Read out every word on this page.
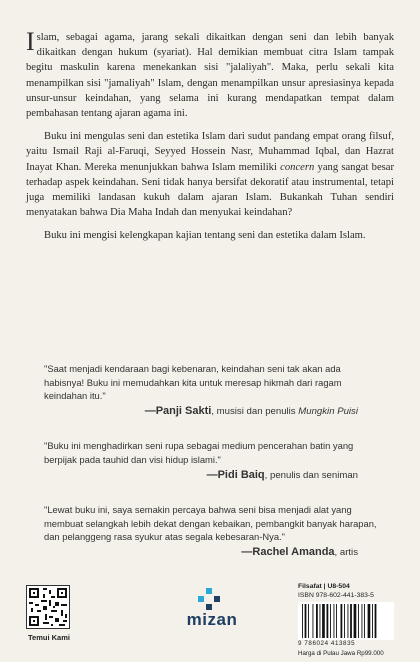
Islam, sebagai agama, jarang sekali dikaitkan dengan seni dan lebih banyak dikaitkan dengan hukum (syariat). Hal demikian membuat citra Islam tampak begitu maskulin karena menekankan sisi "jalaliyah". Maka, perlu sekali kita menampilkan sisi "jamaliyah" Islam, dengan menampilkan unsur apresiasinya kepada unsur-unsur keindahan, yang selama ini kurang mendapatkan tempat dalam pembahasan tentang ajaran agama ini.

Buku ini mengulas seni dan estetika Islam dari sudut pandang empat orang filsuf, yaitu Ismail Raji al-Faruqi, Seyyed Hossein Nasr, Muhammad Iqbal, dan Hazrat Inayat Khan. Mereka menunjukkan bahwa Islam memiliki concern yang sangat besar terhadap aspek keindahan. Seni tidak hanya bersifat dekoratif atau instrumental, tetapi juga memiliki landasan kukuh dalam ajaran Islam. Bukankah Tuhan sendiri menyatakan bahwa Dia Maha Indah dan menyukai keindahan?

Buku ini mengisi kelengkapan kajian tentang seni dan estetika dalam Islam.

"Saat menjadi kendaraan bagi kebenaran, keindahan seni tak akan ada habisnya! Buku ini memudahkan kita untuk meresap hikmah dari ragam keindahan itu."
—Panji Sakti, musisi dan penulis Mungkin Puisi
"Buku ini menghadirkan seni rupa sebagai medium pencerahan batin yang berpijak pada tauhid dan visi hidup islami."
—Pidi Baiq, penulis dan seniman
"Lewat buku ini, saya semakin percaya bahwa seni bisa menjadi alat yang membuat selangkah lebih dekat dengan kebaikan, pembangkit banyak harapan, dan pelanggeng rasa syukur atas segala kebesaran-Nya."
—Rachel Amanda, artis
Temui Kami
mizan
Filsafat | U8-504
ISBN 978-602-441-383-5
9 786024 413835
Harga di Pulau Jawa Rp99.000
